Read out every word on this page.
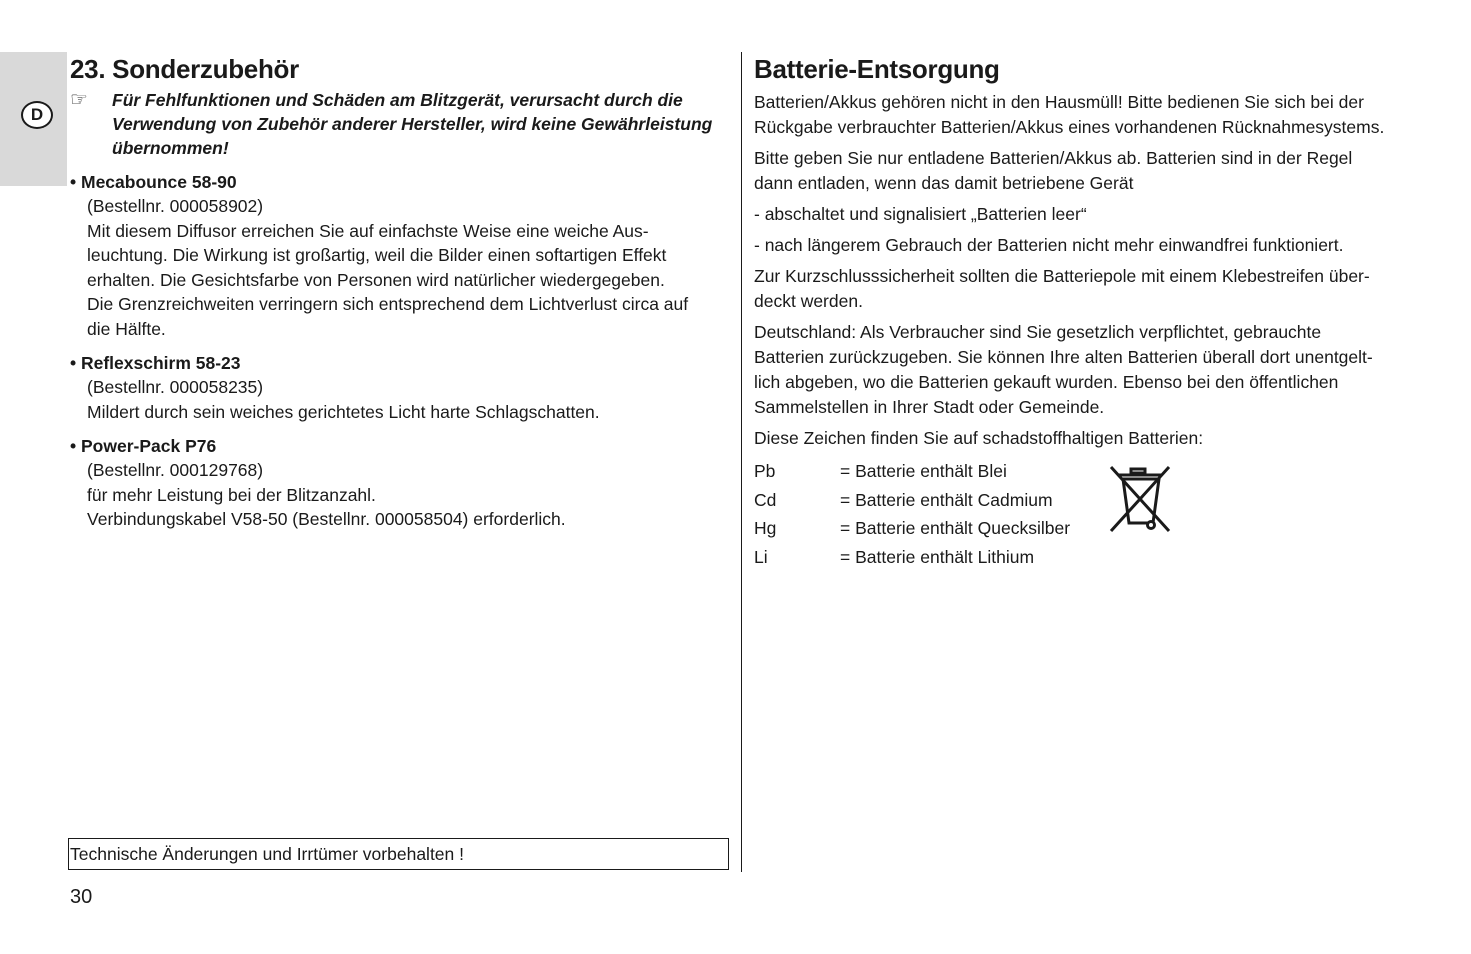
D
23. Sonderzubehör
☞	Für Fehlfunktionen und Schäden am Blitzgerät, verursacht durch die Verwendung von Zubehör anderer Hersteller, wird keine Gewährleistung übernommen!
• Mecabounce 58-90

(Bestellnr. 000058902)

Mit diesem Diffusor erreichen Sie auf einfachste Weise eine weiche Aus-

leuchtung. Die Wirkung ist großartig, weil die Bilder einen softartigen Effekt

erhalten. Die Gesichtsfarbe von Personen wird natürlicher wiedergegeben.

Die Grenzreichweiten verringern sich entsprechend dem Lichtverlust circa auf

die Hälfte.

• Reflexschirm 58-23

(Bestellnr. 000058235)

Mildert durch sein weiches gerichtetes Licht harte Schlagschatten.

• Power-Pack P76

(Bestellnr. 000129768)

für mehr Leistung bei der Blitzanzahl.

Verbindungskabel V58-50 (Bestellnr. 000058504) erforderlich.

Batterie-Entsorgung
Batterien/Akkus gehören nicht in den Hausmüll! Bitte bedienen Sie sich bei der
Rückgabe verbrauchter Batterien/Akkus eines vorhandenen Rücknahmesystems.
Bitte geben Sie nur entladene Batterien/Akkus ab. Batterien sind in der Regel
dann entladen, wenn das damit betriebene Gerät
- abschaltet und signalisiert „Batterien leer“
- nach längerem Gebrauch der Batterien nicht mehr einwandfrei funktioniert.
Zur Kurzschlusssicherheit sollten die Batteriepole mit einem Klebestreifen über-
deckt werden.
Deutschland: Als Verbraucher sind Sie gesetzlich verpflichtet, gebrauchte
Batterien zurückzugeben. Sie können Ihre alten Batterien überall dort unentgelt-
lich abgeben, wo die Batterien gekauft wurden. Ebenso bei den öffentlichen
Sammelstellen in Ihrer Stadt oder Gemeinde.
Diese Zeichen finden Sie auf schadstoffhaltigen Batterien:
Pb	= Batterie enthält Blei
Cd	= Batterie enthält Cadmium
Hg	= Batterie enthält Quecksilber
Li	= Batterie enthält Lithium
Technische Änderungen und Irrtümer vorbehalten !
30
